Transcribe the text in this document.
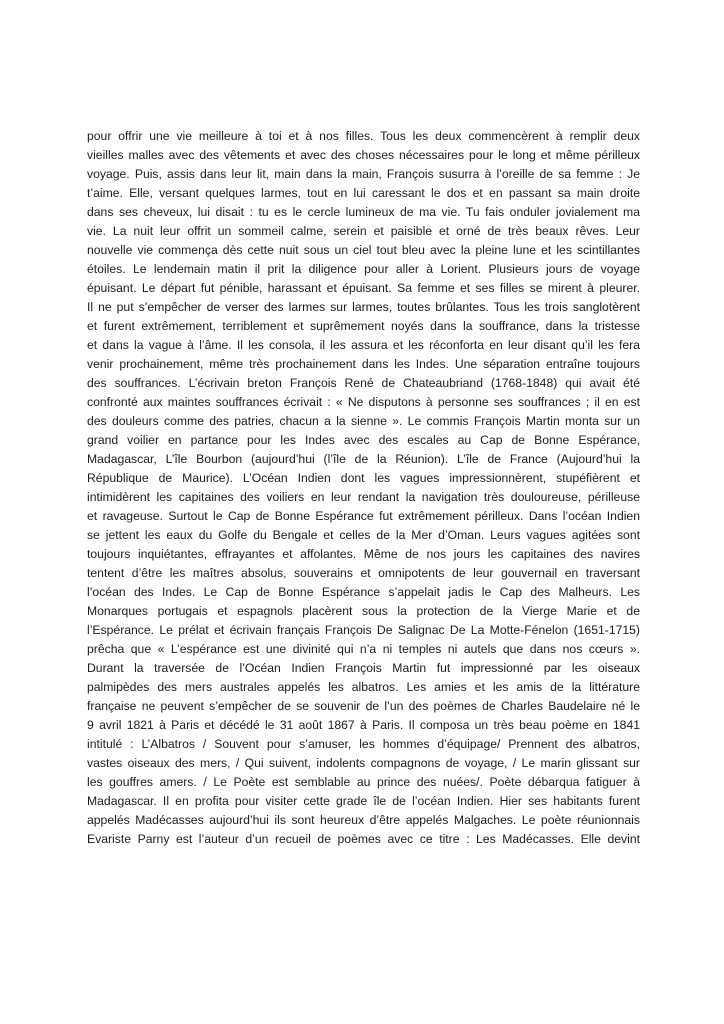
pour offrir une vie meilleure à toi et à nos filles. Tous les deux commencèrent à remplir deux
vieilles malles avec des vêtements et avec des choses nécessaires pour le long et même périlleux
voyage. Puis, assis dans leur lit, main dans la main, François susurra à l’oreille de sa femme : Je
t’aime. Elle, versant quelques larmes, tout en lui caressant le dos et en passant sa main droite
dans ses cheveux, lui disait : tu es le cercle lumineux de ma vie. Tu fais onduler jovialement ma
vie. La nuit leur offrit un sommeil calme, serein et paisible et orné de très beaux rêves. Leur
nouvelle vie commença dès cette nuit sous un ciel tout bleu avec la pleine lune et les scintillantes
étoiles. Le lendemain matin il prit la diligence pour aller à Lorient. Plusieurs jours de voyage
épuisant. Le départ fut pénible, harassant et épuisant. Sa femme et ses filles se mirent à pleurer.
Il ne put s’empêcher de verser des larmes sur larmes, toutes brûlantes. Tous les trois sanglotèrent
et furent extrêmement, terriblement et suprêmement noyés dans la souffrance, dans la tristesse
et dans la vague à l’âme. Il les consola, il les assura et les réconforta en leur disant qu’il les fera
venir prochainement, même très prochainement dans les Indes. Une séparation entraîne toujours
des souffrances. L’écrivain breton François René de Chateaubriand (1768-1848) qui avait été
confronté aux maintes souffrances écrivait : « Ne disputons à personne ses souffrances ; il en est
des douleurs comme des patries, chacun a la sienne ». Le commis François Martin monta sur un
grand voilier en partance pour les Indes avec des escales au Cap de Bonne Espérance,
Madagascar, L’île Bourbon (aujourd’hui (l’île de la Réunion). L’île de France (Aujourd’hui la
République de Maurice). L’Océan Indien dont les vagues impressionnèrent, stupéfièrent et
intimidèrent les capitaines des voiliers en leur rendant la navigation très douloureuse, périlleuse
et ravageuse. Surtout le Cap de Bonne Espérance fut extrêmement périlleux. Dans l’océan Indien
se jettent les eaux du Golfe du Bengale et celles de la Mer d’Oman. Leurs vagues agitées sont
toujours inquiétantes, effrayantes et affolantes. Même de nos jours les capitaines des navires
tentent d’être les maîtres absolus, souverains et omnipotents de leur gouvernail en traversant
l’océan des Indes. Le Cap de Bonne Espérance s’appelait jadis le Cap des Malheurs. Les
Monarques portugais et espagnols placèrent sous la protection de la Vierge Marie et de
l’Espérance. Le prélat et écrivain français François De Salignac De La Motte-Fénelon (1651-1715)
prêcha que « L’espérance est une divinité qui n’a ni temples ni autels que dans nos cœurs ».
Durant la traversée de l’Océan Indien François Martin fut impressionné par les oiseaux
palmipèdes des mers australes appelés les albatros. Les amies et les amis de la littérature
française ne peuvent s’empêcher de se souvenir de l’un des poèmes de Charles Baudelaire né le
9 avril 1821 à Paris et décédé le 31 août 1867 à Paris. Il composa un très beau poème en 1841
intitulé : L’Albatros / Souvent pour s’amuser, les hommes d’équipage/ Prennent des albatros,
vastes oiseaux des mers, / Qui suivent, indolents compagnons de voyage, / Le marin glissant sur
les gouffres amers. / Le Poète est semblable au prince des nuées/. Poète débarqua fatiguer à
Madagascar. Il en profita pour visiter cette grade île de l’océan Indien. Hier ses habitants furent
appelés Madécasses aujourd’hui ils sont heureux d’être appelés Malgaches. Le poète réunionnais
Evariste Parny est l’auteur d’un recueil de poèmes avec ce titre : Les Madécasses. Elle devint
